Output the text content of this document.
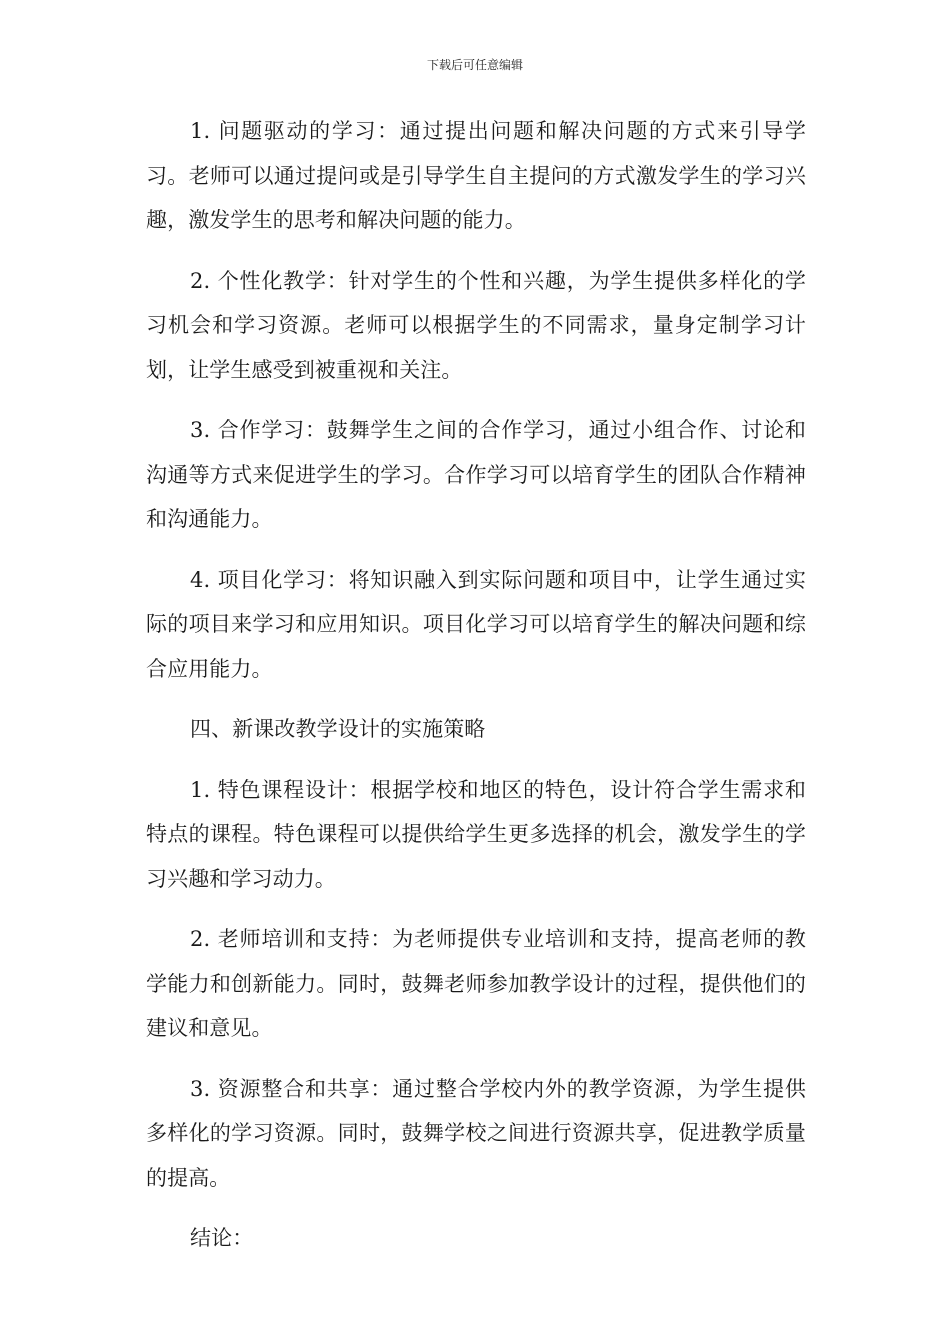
下载后可任意编辑

1. 问题驱动的学习：通过提出问题和解决问题的方式来引导学习。老师可以通过提问或是引导学生自主提问的方式激发学生的学习兴趣，激发学生的思考和解决问题的能力。

2. 个性化教学：针对学生的个性和兴趣，为学生提供多样化的学习机会和学习资源。老师可以根据学生的不同需求，量身定制学习计划，让学生感受到被重视和关注。

3. 合作学习：鼓舞学生之间的合作学习，通过小组合作、讨论和沟通等方式来促进学生的学习。合作学习可以培育学生的团队合作精神和沟通能力。

4. 项目化学习：将知识融入到实际问题和项目中，让学生通过实际的项目来学习和应用知识。项目化学习可以培育学生的解决问题和综合应用能力。

四、新课改教学设计的实施策略

1. 特色课程设计：根据学校和地区的特色，设计符合学生需求和特点的课程。特色课程可以提供给学生更多选择的机会，激发学生的学习兴趣和学习动力。

2. 老师培训和支持：为老师提供专业培训和支持，提高老师的教学能力和创新能力。同时，鼓舞老师参加教学设计的过程，提供他们的建议和意见。

3. 资源整合和共享：通过整合学校内外的教学资源，为学生提供多样化的学习资源。同时，鼓舞学校之间进行资源共享，促进教学质量的提高。

结论：
